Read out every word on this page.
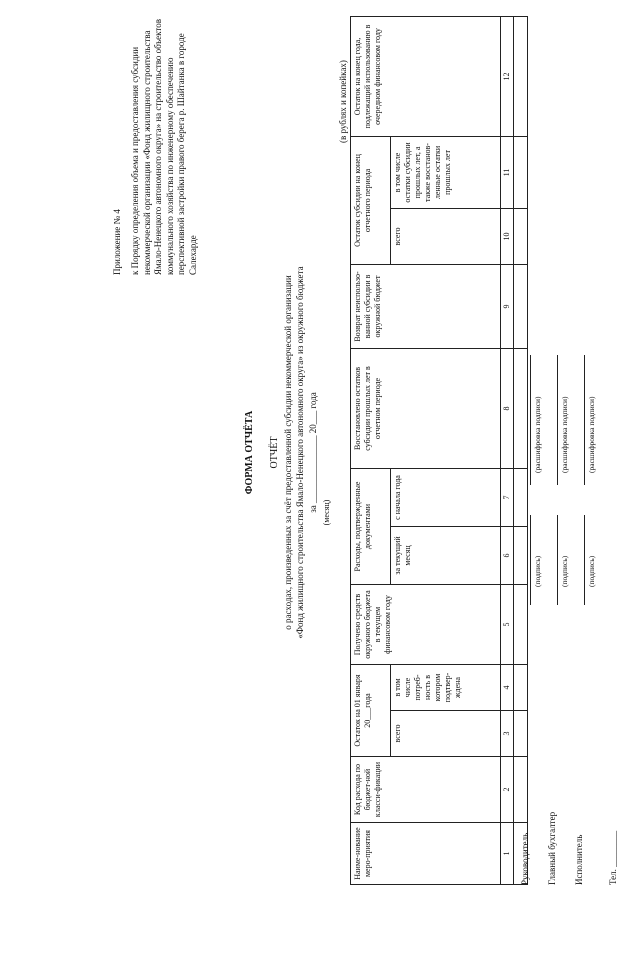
Приложение № 4 к Порядку определения объема и предоставления субсидии некоммерческой организации «Фонд жилищного строительства Ямало-Ненецкого автономного округа» на строительство объектов коммунального хозяйства по инженерному обеспечению перспективной застройки правого берега р. Шайтанка в городе Салехарде
ФОРМА ОТЧЁТА ОТЧЁТ о расходах, произведенных за счёт предоставленной субсидии некоммерческой организации «Фонд жилищного строительства Ямало-Ненецкого автономного округа» из окружного бюджета за _______________ 20___ года (месяц)
(в рублях и копейках)
Наиме-нование меро-приятия	Код расхода по бюджет-ной класси-фикации	Остаток на 01 января 20___года		Получено средств окружного бюджета в текущем финансовом году	Расходы, подтвержденные документами		Восстановлено остатков субсидии прошлых лет в отчетном периоде	Возврат неиспользо-ванной субсидии в окружной бюджет	Остаток субсидии на конец отчетного периода		Остаток на конец года, подлежащий использованию в очередном финансовом году
		всего	в том числе потреб-ность в котором подтвер-ждена		за текущий месяц	с начала года			всего	в том числе остатки субсидии прошлых лет, а также восстанов-ленные остатки прошлых лет	
1	2	3	4	5	6	7	8	9	10	11	12

Руководитель
(подпись)
(расшифровка подписи)
Главный бухгалтер
(подпись)
(расшифровка подписи)
Исполнитель
(подпись)
(расшифровка подписи)
Тел. ________
